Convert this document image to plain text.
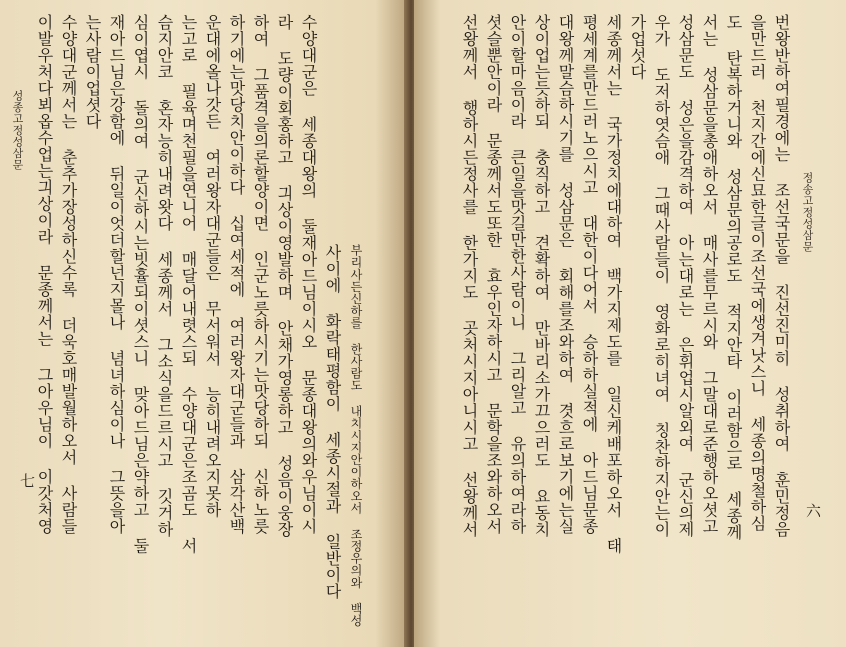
부리사든신하를 한사람도 내치시지안이하오서 조정우의와 백성
사이에 화락태평함이 세종시절과 일반이다
수양대군은 세종대왕의 둘재아드님이시오 문종대왕의와우님이시
라 도량이회홍하고 긔상이영발하며 안채가영롱하고 성음이웅장
하여 그품격을의론할양이면 인군노릇하시기는맛당하되 신하노릇
하기에는맛당치안이하다 십여세적에 여러왕자대군들과 삼각산백
운대에올나갓든 여러왕자대군들은 무서워서 능히내려오지못하
는고로 필육며천필을연니어 매달어내렷스되 수양대군은조곰도 서
슴지안코 혼자능히내려왓다 세종께서 그소식을드르시고 깃거하
심이엽시 돌의여 군신하시는빗휼되이셧스니 맞아드님은약하고 둘
재아드님은강함에 뒤일이엇더할넌지몰나 념녀하심이나 그뜻을아
는사람이업셧다
수양대군께서는 춘추가장성하신수록 더욱호매발월하오서 사람들
이발우처다뵈옵수업는긔상이라 문종께서는 그아우님이 이갓처영
성종고정성삼문
七
정송고정성삼문
六
번왕반하여필경에는 조선국문을 진선진미히 성취하여 훈민정음
을만드러 천지간에신묘한글이조선국에생겨낫스니 세종의명철하심
도 탄복하거니와 성삼문의공로도 적지안타 이러함으로 세종께
서는 성삼문을총애하오서 매사를무르시와 그말대로준행하오셧고
성삼문도 성은을감격하여 아는대로는 은휘업시알외여 군신의제
우가 도저하엿슴애 그때사람들이 영화로히녀여 칭찬하지안는이
가업섯다
세종께서는 국가정치에대하여 백가지제도를 일신케배포하오서 태
평세계를만드러노으시고 대한이다어서 승하하실적에 아드님문종
대왕께말슴하시기를 성삼문은 회해를조와하여 겻흐로보기에는실
상이업는듯하되 충직하고 견확하여 만바리소가끄으러도 요동치
안이할마음이라 큰일을맛길만한사람이니 그리알고 유의하여라하
셧슬뿐안이라 문종께서도또한 효우인자하시고 문학을조와하오서
선왕께서 행하시든정사를 한가지도 곳처시지아니시고 선왕께서
